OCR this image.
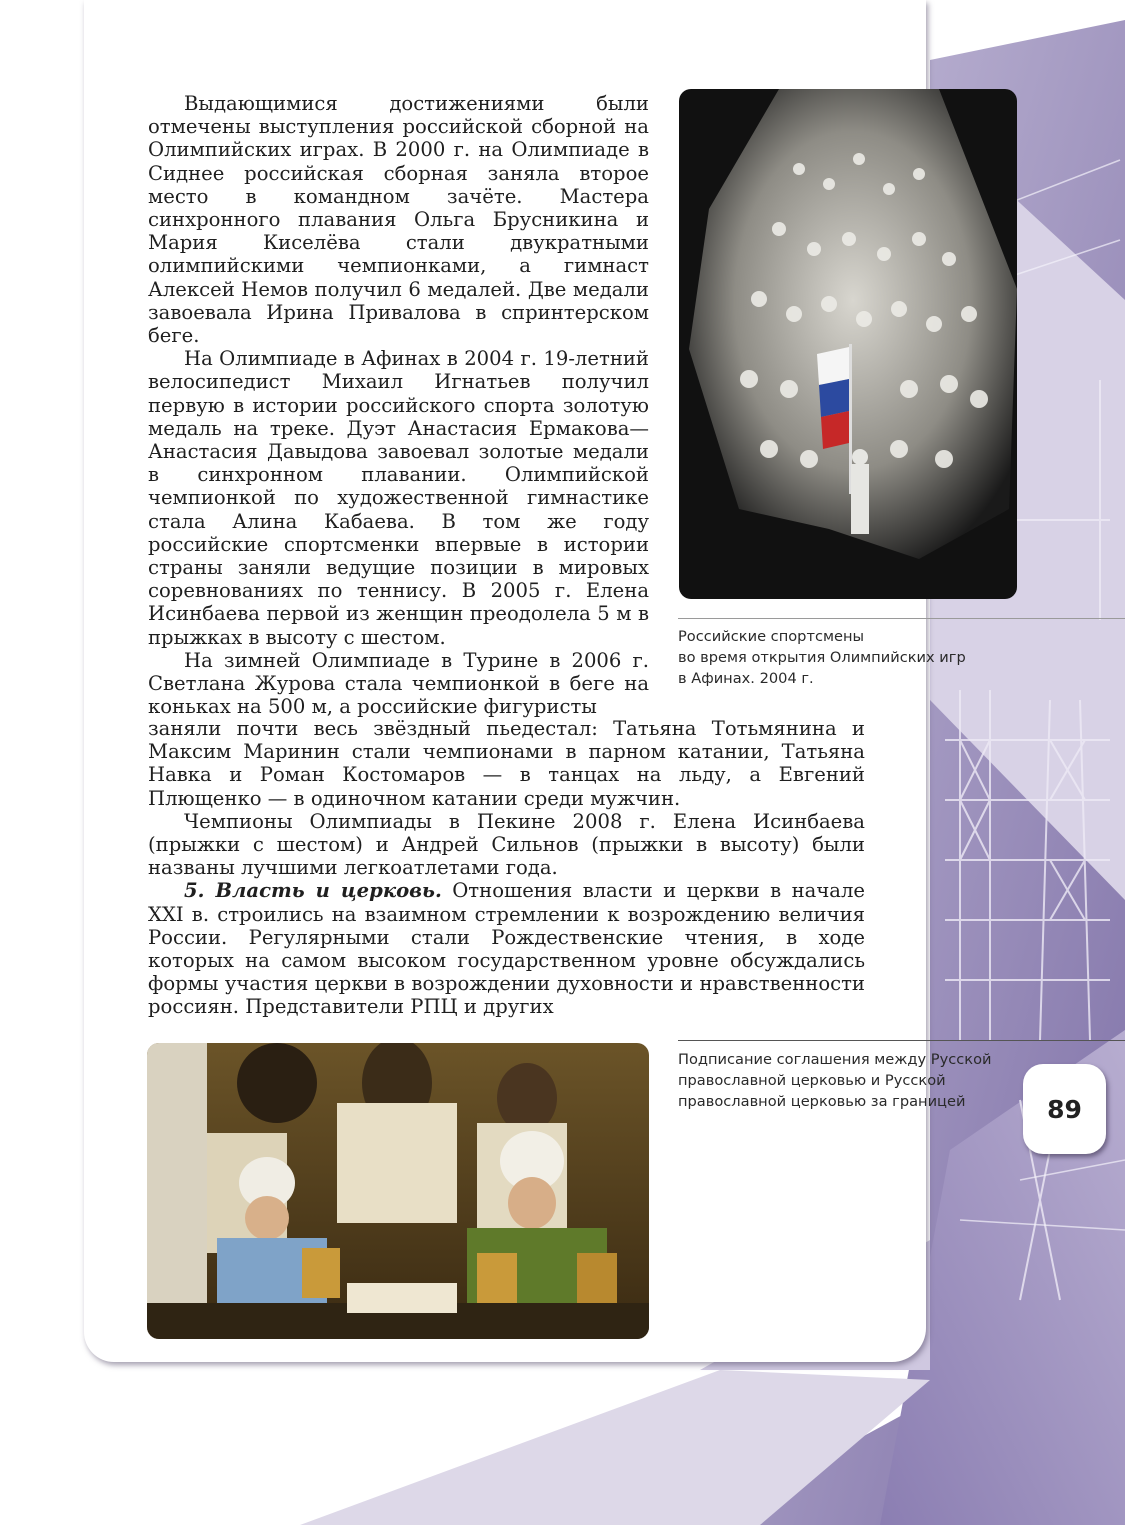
Выдающимися достижениями были отмечены выступления российской сборной на Олимпийских играх. В 2000 г. на Олимпиаде в Сиднее российская сборная заняла второе место в командном зачёте. Мастера синхронного плавания Ольга Брусникина и Мария Киселёва стали двукратными олимпийскими чемпионками, а гимнаст Алексей Немов получил 6 медалей. Две медали завоевала Ирина Привалова в спринтерском беге.

На Олимпиаде в Афинах в 2004 г. 19-летний велосипедист Михаил Игнатьев получил первую в истории российского спорта золотую медаль на треке. Дуэт Анастасия Ермакова—Анастасия Давыдова завоевал золотые медали в синхронном плавании. Олимпийской чемпионкой по художественной гимнастике стала Алина Кабаева. В том же году российские спортсменки впервые в истории страны заняли ведущие позиции в мировых соревнованиях по теннису. В 2005 г. Елена Исинбаева первой из женщин преодолела 5 м в прыжках в высоту с шестом.

На зимней Олимпиаде в Турине в 2006 г. Светлана Журова стала чемпионкой в беге на коньках на 500 м, а российские фигуристы

заняли почти весь звёздный пьедестал: Татьяна Тотьмянина и Максим Маринин стали чемпионами в парном катании, Татьяна Навка и Роман Костомаров — в танцах на льду, а Евгений Плющенко — в одиночном катании среди мужчин.

Чемпионы Олимпиады в Пекине 2008 г. Елена Исинбаева (прыжки с шестом) и Андрей Сильнов (прыжки в высоту) были названы лучшими легкоатлетами года.

5. Власть и церковь. Отношения власти и церкви в начале XXI в. строились на взаимном стремлении к возрождению величия России. Регулярными стали Рождественские чтения, в ходе которых на самом высоком государственном уровне обсуждались формы участия церкви в возрождении духовности и нравственности россиян. Представители РПЦ и других

Российские спортсмены
во время открытия Олимпийских игр
в Афинах. 2004 г.
Подписание соглашения между Русской
православной церковью и Русской
православной церковью за границей	89
